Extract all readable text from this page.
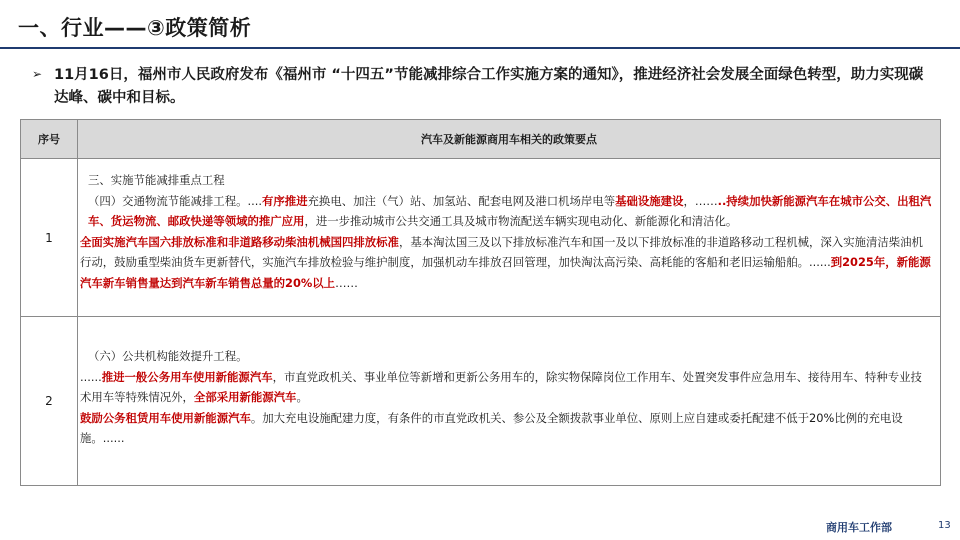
一、行业——③政策简析
➢ 11月16日，福州市人民政府发布《福州市 “十四五”节能减排综合工作实施方案的通知》，推进经济社会发展全面绿色转型，助力实现碳达峰、碳中和目标。
序号	汽车及新能源商用车相关的政策要点
1	三、实施节能减排重点工程

（四）交通物流节能减排工程。....有序推进充换电、加注（气）站、加氢站、配套电网及港口机场岸电等基础设施建设，……..持续加快新能源汽车在城市公交、出租汽车、货运物流、邮政快递等领域的推广应用，进一步推动城市公共交通工具及城市物流配送车辆实现电动化、新能源化和清洁化。

全面实施汽车国六排放标准和非道路移动柴油机械国四排放标准，基本淘汰国三及以下排放标准汽车和国一及以下排放标准的非道路移动工程机械，深入实施清洁柴油机行动，鼓励重型柴油货车更新替代，实施汽车排放检验与维护制度，加强机动车排放召回管理，加快淘汰高污染、高耗能的客船和老旧运输船舶。......到2025年，新能源汽车新车销售量达到汽车新车销售总量的20%以上……

2	（六）公共机构能效提升工程。

......推进一般公务用车使用新能源汽车，市直党政机关、事业单位等新增和更新公务用车的，除实物保障岗位工作用车、处置突发事件应急用车、接待用车、特种专业技术用车等特殊情况外，全部采用新能源汽车。

鼓励公务租赁用车使用新能源汽车。加大充电设施配建力度，有条件的市直党政机关、参公及全额拨款事业单位、原则上应自建或委托配建不低于20%比例的充电设施。......

商用车工作部	13
